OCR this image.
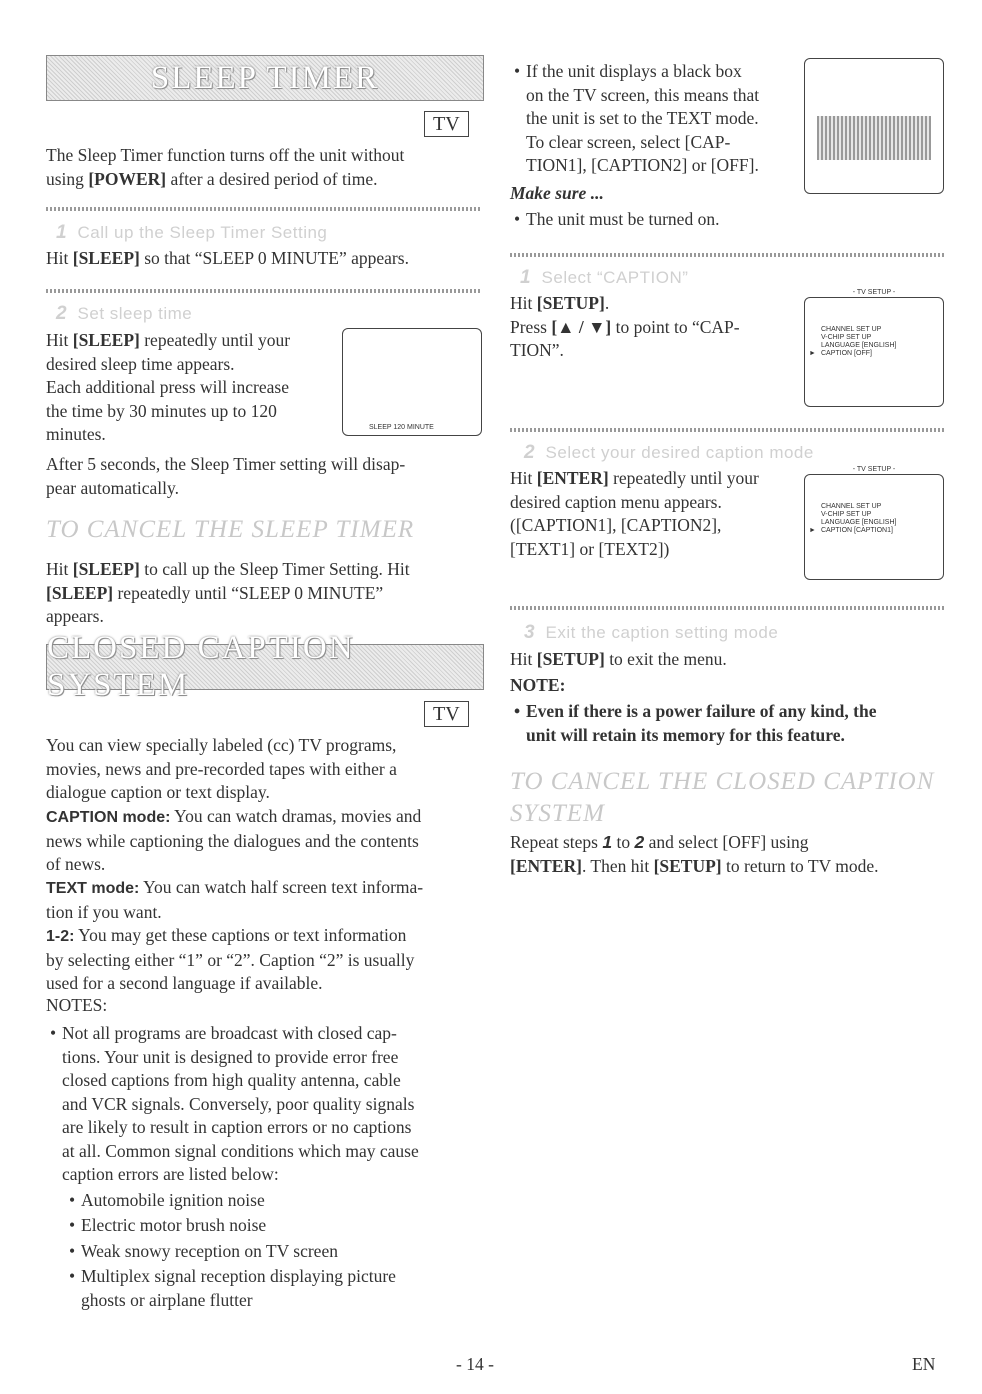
SLEEP TIMER
TV

The Sleep Timer function turns off the unit without
using [POWER] after a desired period of time.

1 Call up the Sleep Timer Setting

Hit [SLEEP] so that “SLEEP 0 MINUTE” appears.

2 Set sleep time

Hit [SLEEP] repeatedly until your
desired sleep time appears.
Each additional press will increase
the time by 30 minutes up to 120
minutes.	SLEEP 120 MINUTE

After 5 seconds, the Sleep Timer setting will disap-
pear automatically.

TO CANCEL THE SLEEP TIMER

Hit [SLEEP] to call up the Sleep Timer Setting. Hit
[SLEEP] repeatedly until “SLEEP 0 MINUTE”
appears.

CLOSED CAPTION SYSTEM
TV

You can view specially labeled (cc) TV programs,
movies, news and pre-recorded tapes with either a
dialogue caption or text display.

CAPTION mode: You can watch dramas, movies and
news while captioning the dialogues and the contents
of news.

TEXT mode: You can watch half screen text informa-
tion if you want.

1-2: You may get these captions or text information
by selecting either “1” or “2”. Caption “2” is usually
used for a second language if available.

NOTES:

• Not all programs are broadcast with closed cap-
tions. Your unit is designed to provide error free
closed captions from high quality antenna, cable
and VCR signals. Conversely, poor quality signals
are likely to result in caption errors or no captions
at all. Common signal conditions which may cause
caption errors are listed below:

• Automobile ignition noise

• Electric motor brush noise

• Weak snowy reception on TV screen

• Multiplex signal reception displaying picture
ghosts or airplane flutter

• If the unit displays a black box
on the TV screen, this means that
the unit is set to the TEXT mode.
To clear screen, select [CAP-
TION1], [CAPTION2] or [OFF].

Make sure ...

• The unit must be turned on.

1 Select “CAPTION”

Hit [SETUP].
Press [▲ / ▼] to point to “CAP-
TION”.

- TV SETUP -
CHANNEL SET UP
V-CHIP SET UP
LANGUAGE [ENGLISH]
► CAPTION [OFF]
2 Select your desired caption mode

Hit [ENTER] repeatedly until your
desired caption menu appears.
([CAPTION1], [CAPTION2],
[TEXT1] or [TEXT2])

- TV SETUP -
CHANNEL SET UP
V-CHIP SET UP
LANGUAGE [ENGLISH]
► CAPTION [CAPTION1]
3 Exit the caption setting mode

Hit [SETUP] to exit the menu.

NOTE:

• Even if there is a power failure of any kind, the
unit will retain its memory for this feature.

TO CANCEL THE CLOSED CAPTION
SYSTEM

Repeat steps 1 to 2 and select [OFF] using
[ENTER]. Then hit [SETUP] to return to TV mode.

- 14 -	EN
